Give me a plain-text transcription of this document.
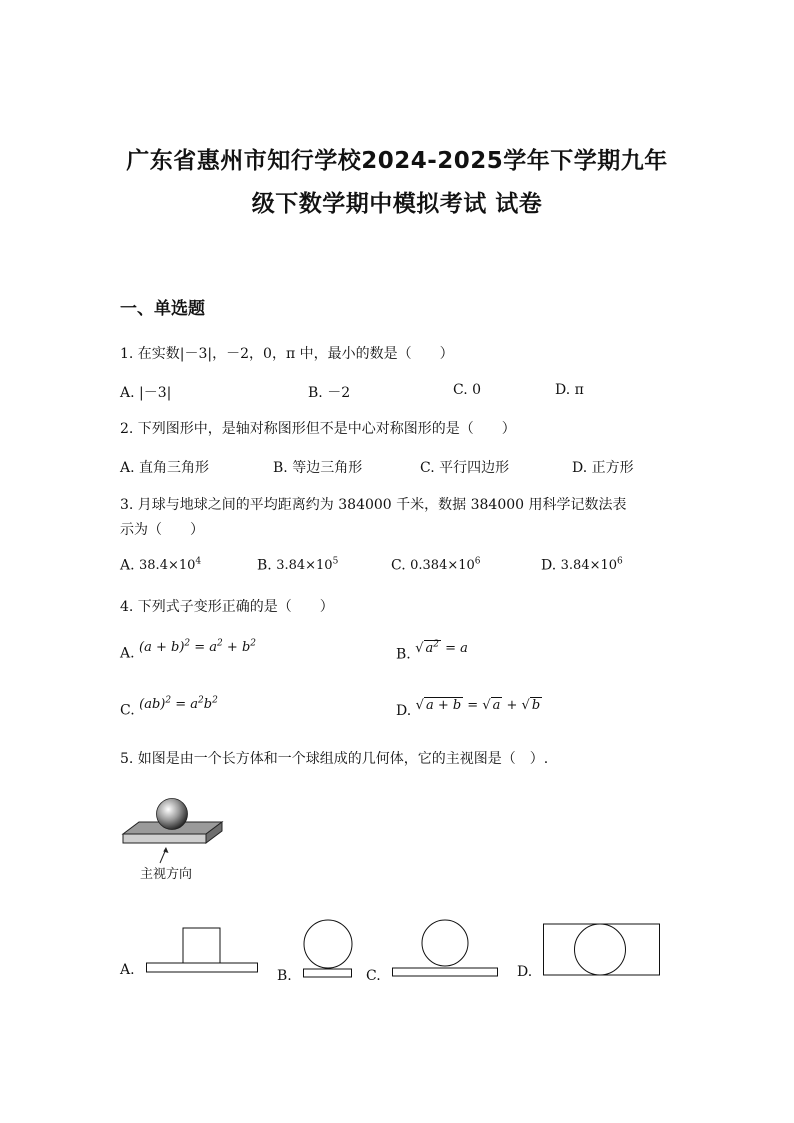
广东省惠州市知行学校2024-2025学年下学期九年
级下数学期中模拟考试 试卷
一、单选题
1. 在实数|－3|，－2，0，π 中，最小的数是（　　）
A. |－3|	B. －2	C. 0	D. π
2. 下列图形中，是轴对称图形但不是中心对称图形的是（　　）
A. 直角三角形	B. 等边三角形	C. 平行四边形	D. 正方形
3. 月球与地球之间的平均距离约为 384000 千米，数据 384000 用科学记数法表
示为（　　）
A. $38.4\times 10^4$	B. $3.84\times 10^5$	C. $0.384\times 10^6$	D. $3.84\times 10^6$
4. 下列式子变形正确的是（　　）
A. $(a + b)^2 = a^2 + b^2$
B. √ $a^2 = a$
C. $(ab)^2 = a^2b^2$
D. √ a + b = √ a + √ b
5. 如图是由一个长方体和一个球组成的几何体，它的主视图是（　）.
主视方向
A.	B.	C.	D.
